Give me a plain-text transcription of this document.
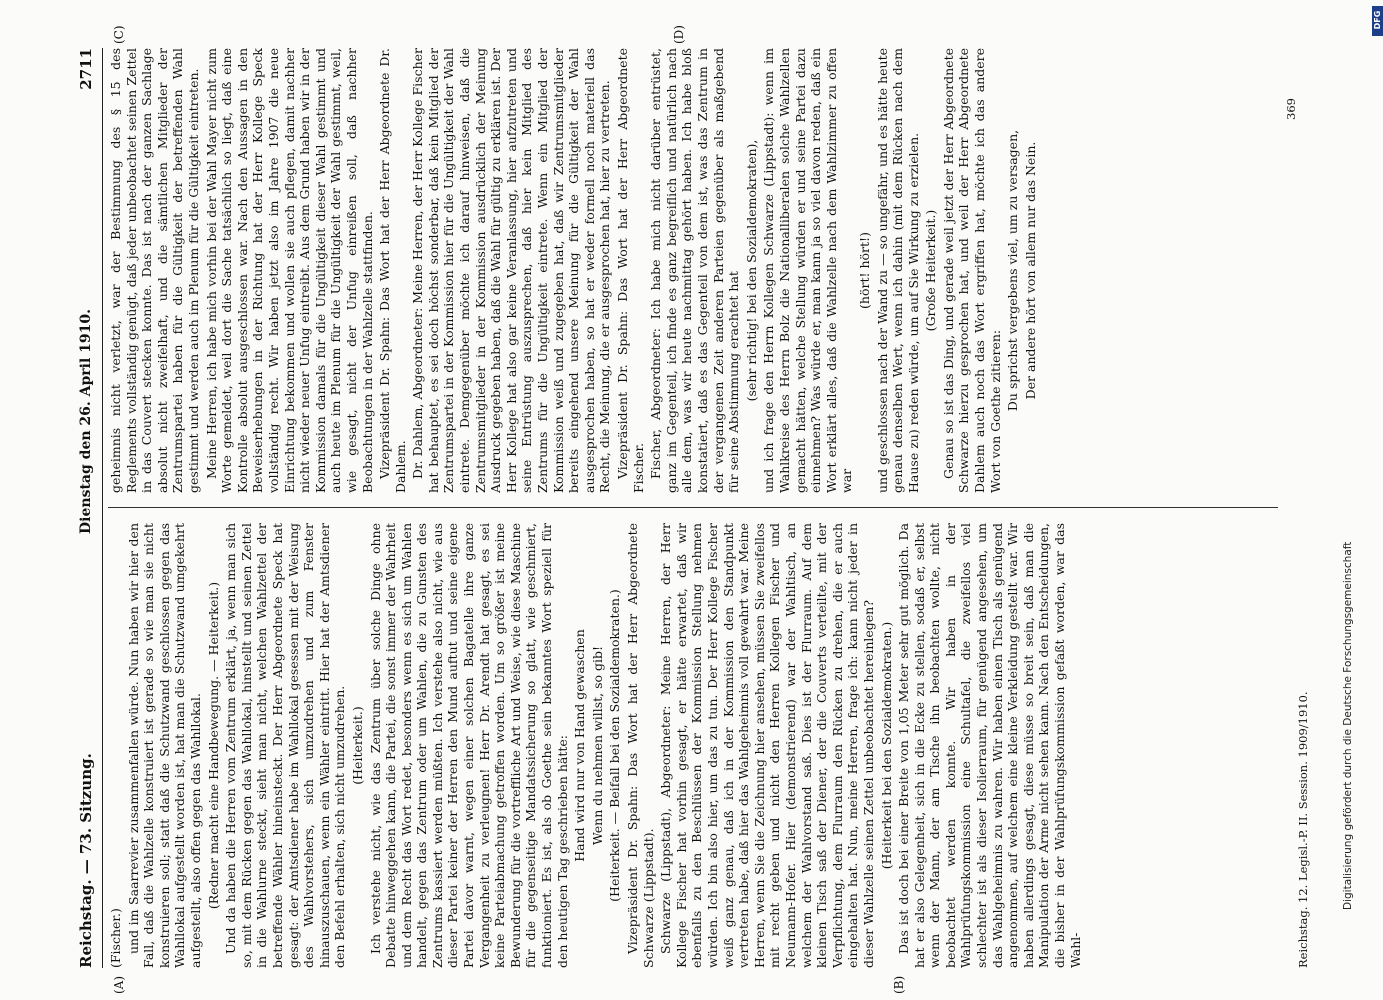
Reichstag. — 73. Sitzung.
Dienstag den 26. April 1910.
2711

(Fischer.) und im Saarrevier zusammenfallen würde. Nun haben wir hier den Fall, daß die Wahlzelle konstruiert ist gerade so wie man sie nicht konstruieren soll; statt daß die Schutzwand geschlossen gegen das Wahllokal aufgestellt worden ist, hat man die Schutzwand umgekehrt aufgestellt, also offen gegen das Wahllokal. (Redner macht eine Handbewegung. — Heiterkeit.) Und da haben die Herren vom Zentrum erklärt, ja, wenn man sich so, mit dem Rücken gegen das Wahllokal, hinstellt und seinen Zettel in die Wahlurne steckt, sieht man nicht, welchen Wahlzettel der betreffende Wähler hineinsteckt. Der Herr Abgeordnete Speck hat gesagt: der Amtsdiener habe im Wahllokal gesessen mit der Weisung des Wahlvorstehers, sich umzudrehen und zum Fenster hinauszuschauen, wenn ein Wähler eintritt. Hier hat der Amtsdiener den Befehl erhalten, sich nicht umzudrehen. (Heiterkeit.) Ich verstehe nicht, wie das Zentrum über solche Dinge ohne Debatte hinweggehen kann, die Partei, die sonst immer der Wahrheit und dem Recht das Wort redet, besonders wenn es sich um Wahlen handelt, gegen das Zentrum oder um Wahlen, die zu Gunsten des Zentrums kassiert werden müßten. Ich verstehe also nicht, wie aus dieser Partei keiner der Herren den Mund auftut und seine eigene Partei davor warnt, wegen einer solchen Bagatelle ihre ganze Vergangenheit zu verleugnen! Herr Dr. Arendt hat gesagt, es sei keine Parteiabmachung getroffen worden. Um so größer ist meine Bewunderung für die vortreffliche Art und Weise, wie diese Maschine für die gegenseitige Mandatssicherung so glatt, wie geschmiert, funktioniert. Es ist, als ob Goethe sein bekanntes Wort speziell für den heutigen Tag geschrieben hätte: Hand wird nur von Hand gewaschen Wenn du nehmen willst, so gib! (Heiterkeit. — Beifall bei den Sozialdemokraten.) Vizepräsident Dr. Spahn: Das Wort hat der Herr Abgeordnete Schwarze (Lippstadt). Schwarze (Lippstadt), Abgeordneter: Meine Herren, der Herr Kollege Fischer hat vorhin gesagt, er hätte erwartet, daß wir ebenfalls zu den Beschlüssen der Kommission Stellung nehmen würden. Ich bin also hier, um das zu tun. Der Herr Kollege Fischer weiß ganz genau, daß ich in der Kommission den Standpunkt vertreten habe, daß hier das Wahlgeheimnis voll gewahrt war. Meine Herren, wenn Sie die Zeichnung hier ansehen, müssen Sie zweifellos mit recht geben und nicht den Herren Kollegen Fischer und Neumann-Hofer. Hier (demonstrierend) war der Wahltisch, an welchem der Wahlvorstand saß. Dies ist der Flurraum. Auf dem kleinen Tisch saß der Diener, der die Couverts verteilte, mit der Verpflichtung, dem Flurraum den Rücken zu drehen, die er auch eingehalten hat. Nun, meine Herren, frage ich: kann nicht jeder in dieser Wahlzelle seinen Zettel unbeobachtet hereinlegen? (Heiterkeit bei den Sozialdemokraten.) Das ist doch bei einer Breite von 1,05 Meter sehr gut möglich. Da hat er also Gelegenheit, sich in die Ecke zu stellen, sodaß er, selbst wenn der Mann, der am Tische ihn beobachten wollte, nicht beobachtet werden konnte. Wir haben in der Wahlprüfungskommission eine Schultafel, die zweifellos viel schlechter ist als dieser Isolierraum, für genügend angesehen, um das Wahlgeheimnis zu wahren. Wir haben einen Tisch als genügend angenommen, auf welchem eine kleine Verkleidung gestellt war. Wir haben allerdings gesagt, diese müsse so breit sein, daß man die Manipulation der Arme nicht sehen kann. Nach den Entscheidungen, die bisher in der Wahlprüfungskommission gefaßt worden, war das Wahl-

geheimnis nicht verletzt, war der Bestimmung des § 15 des Reglements vollständig genügt, daß jeder unbeobachtet seinen Zettel in das Couvert stecken konnte. Das ist nach der ganzen Sachlage absolut nicht zweifelhaft, und die sämtlichen Mitglieder der Zentrumspartei haben für die Gültigkeit der betreffenden Wahl gestimmt und werden auch im Plenum für die Gültigkeit eintreten. Meine Herren, ich habe mich vorhin bei der Wahl Mayer nicht zum Worte gemeldet, weil dort die Sache tatsächlich so liegt, daß eine Kontrolle absolut ausgeschlossen war. Nach den Aussagen in den Beweiserhebungen in der Richtung hat der Herr Kollege Speck vollständig recht. Wir haben jetzt also im Jahre 1907 die neue Einrichtung bekommen und wollen sie auch pflegen, damit nachher nicht wieder neuer Unfug eintreibt. Aus dem Grund haben wir in der Kommission damals für die Ungültigkeit dieser Wahl gestimmt und auch heute im Plenum für die Ungültigkeit der Wahl gestimmt, weil, wie gesagt, nicht der Unfug einreißen soll, daß nachher Beobachtungen in der Wahlzelle stattfinden. Vizepräsident Dr. Spahn: Das Wort hat der Herr Abgeordnete Dr. Dahlem. Dr. Dahlem, Abgeordneter: Meine Herren, der Herr Kollege Fischer hat behauptet, es sei doch höchst sonderbar, daß kein Mitglied der Zentrumspartei in der Kommission hier für die Ungültigkeit der Wahl eintrete. Demgegenüber möchte ich darauf hinweisen, daß die Zentrumsmitglieder in der Kommission ausdrücklich der Meinung Ausdruck gegeben haben, daß die Wahl für gültig zu erklären ist. Der Herr Kollege hat also gar keine Veranlassung, hier aufzutreten und seine Entrüstung auszusprechen, daß hier kein Mitglied des Zentrums für die Ungültigkeit eintrete. Wenn ein Mitglied der Kommission weiß und zugegeben hat, daß wir Zentrumsmitglieder bereits eingehend unsere Meinung für die Gültigkeit der Wahl ausgesprochen haben, so hat er weder formell noch materiell das Recht, die Meinung, die er ausgesprochen hat, hier zu vertreten. Vizepräsident Dr. Spahn: Das Wort hat der Herr Abgeordnete Fischer. Fischer, Abgeordneter: Ich habe mich nicht darüber entrüstet, ganz im Gegenteil, ich finde es ganz begreiflich und natürlich nach alle dem, was wir heute nachmittag gehört haben. Ich habe bloß konstatiert, daß es das Gegenteil von dem ist, was das Zentrum in der vergangenen Zeit anderen Parteien gegenüber als maßgebend für seine Abstimmung erachtet hat (sehr richtig! bei den Sozialdemokraten), und ich frage den Herrn Kollegen Schwarze (Lippstadt): wenn im Wahlkreise des Herrn Bolz die Nationalliberalen solche Wahlzellen gemacht hätten, welche Stellung würden er und seine Partei dazu einnehmen? Was würde er, man kann ja so viel davon reden, daß ein Wort erklärt alles, daß die Wahlzelle nach dem Wahlzimmer zu offen war

(hört! hört!) und geschlossen nach der Wand zu — so ungefähr, und es hätte heute genau denselben Wert, wenn ich dahin (mit dem Rücken nach dem Hause zu) reden würde, um auf Sie Wirkung zu erzielen. (Große Heiterkeit.) Genau so ist das Ding, und gerade weil jetzt der Herr Abgeordnete Schwarze hierzu gesprochen hat, und weil der Herr Abgeordnete Dahlem auch noch das Wort ergriffen hat, möchte ich das andere Wort von Goethe zitieren:

Du sprichst vergebens viel, um zu versagen, Der andere hört von allem nur das Nein.

(A)	(B)
(C)	(D)
Reichstag. 12. Legisl.-P. II. Session. 1909/1910.
369
Digitalisierung gefördert durch die Deutsche Forschungsgemeinschaft
DFG
